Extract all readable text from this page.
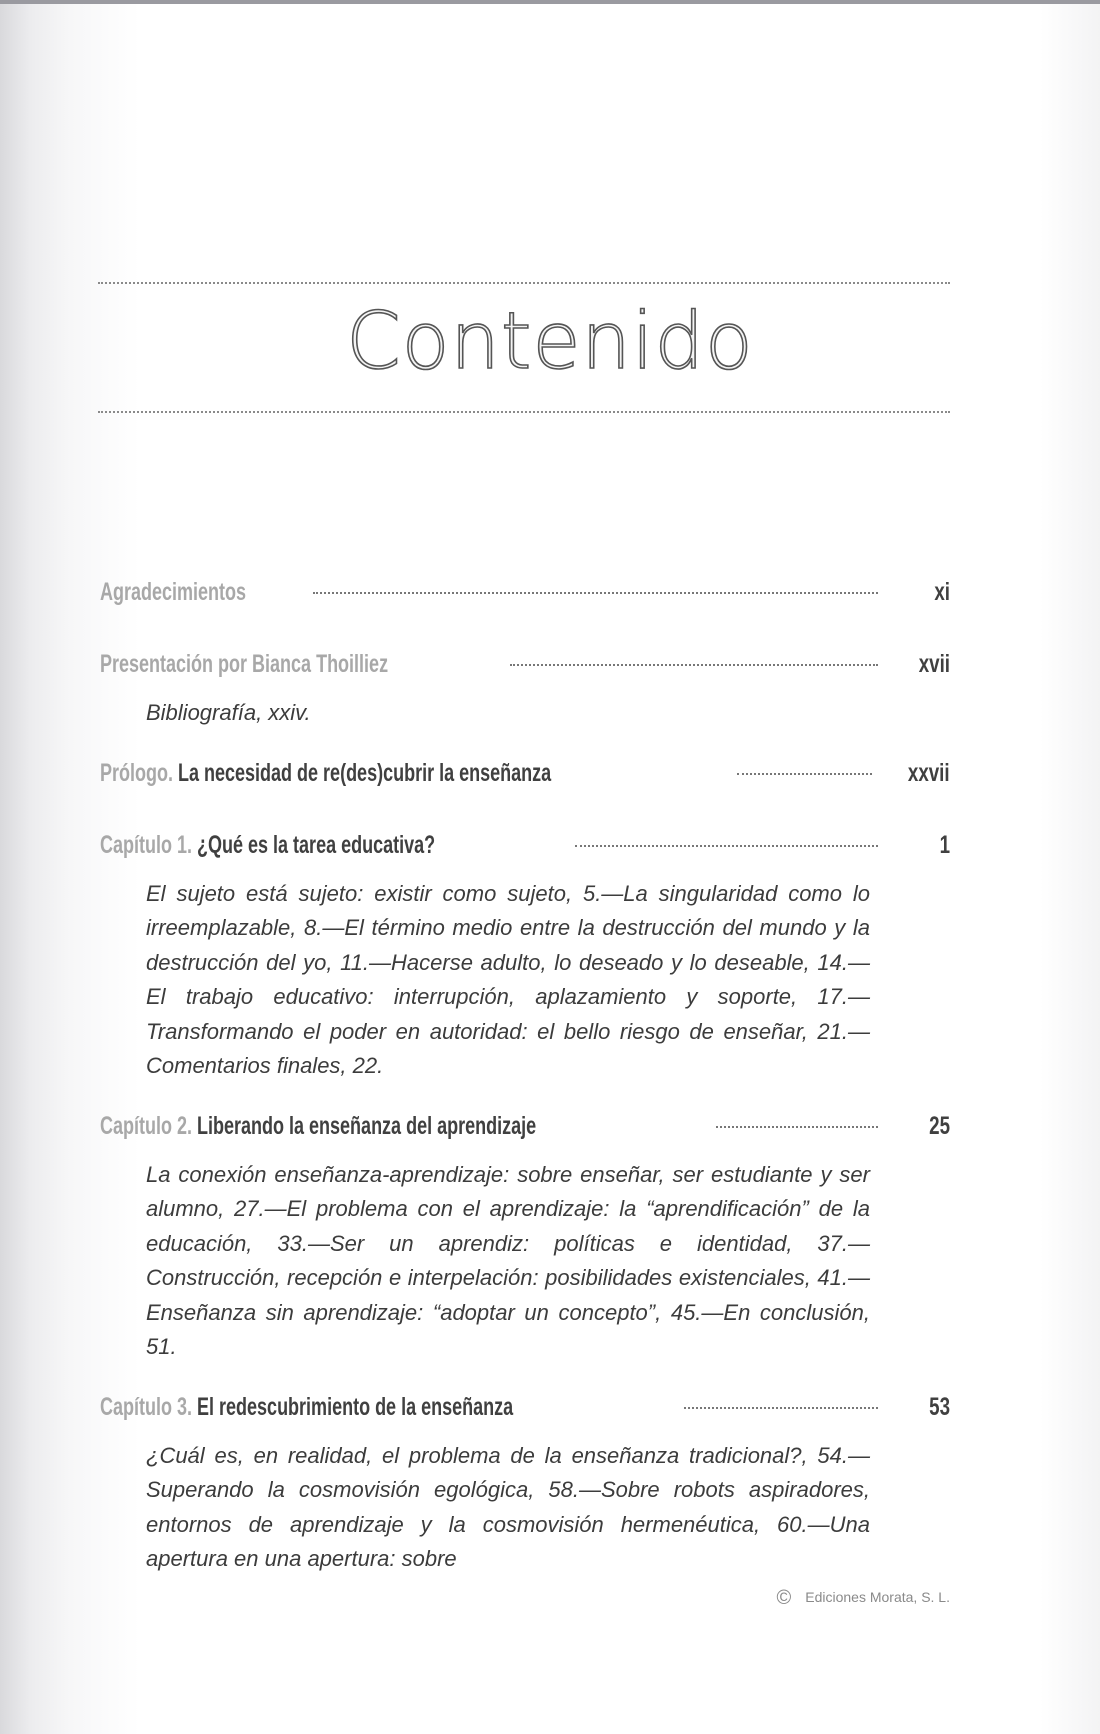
Contenido
Agradecimientos	xi
Presentación por Bianca Thoilliez	xvii
Bibliografía, xxiv.
Prólogo. La necesidad de re(des)cubrir la enseñanza	xxvii
Capítulo 1. ¿Qué es la tarea educativa?	1
El sujeto está sujeto: existir como sujeto, 5.—La singularidad como lo irreemplazable, 8.—El término medio entre la destrucción del mundo y la destrucción del yo, 11.—Hacerse adulto, lo deseado y lo deseable, 14.—El trabajo educativo: interrupción, aplazamiento y soporte, 17.—Transformando el poder en autoridad: el bello riesgo de enseñar, 21.—Comentarios finales, 22.
Capítulo 2. Liberando la enseñanza del aprendizaje	25
La conexión enseñanza-aprendizaje: sobre enseñar, ser estudiante y ser alumno, 27.—El problema con el aprendizaje: la “aprendificación” de la educación, 33.—Ser un aprendiz: políticas e identidad, 37.—Construcción, recepción e interpelación: posibilidades existenciales, 41.—Enseñanza sin aprendizaje: “adoptar un concepto”, 45.—En conclusión, 51.
Capítulo 3. El redescubrimiento de la enseñanza	53
¿Cuál es, en realidad, el problema de la enseñanza tradicional?, 54.—Superando la cosmovisión egológica, 58.—Sobre robots aspiradores, entornos de aprendizaje y la cosmovisión hermenéutica, 60.—Una apertura en una apertura: sobre
© Ediciones Morata, S. L.
